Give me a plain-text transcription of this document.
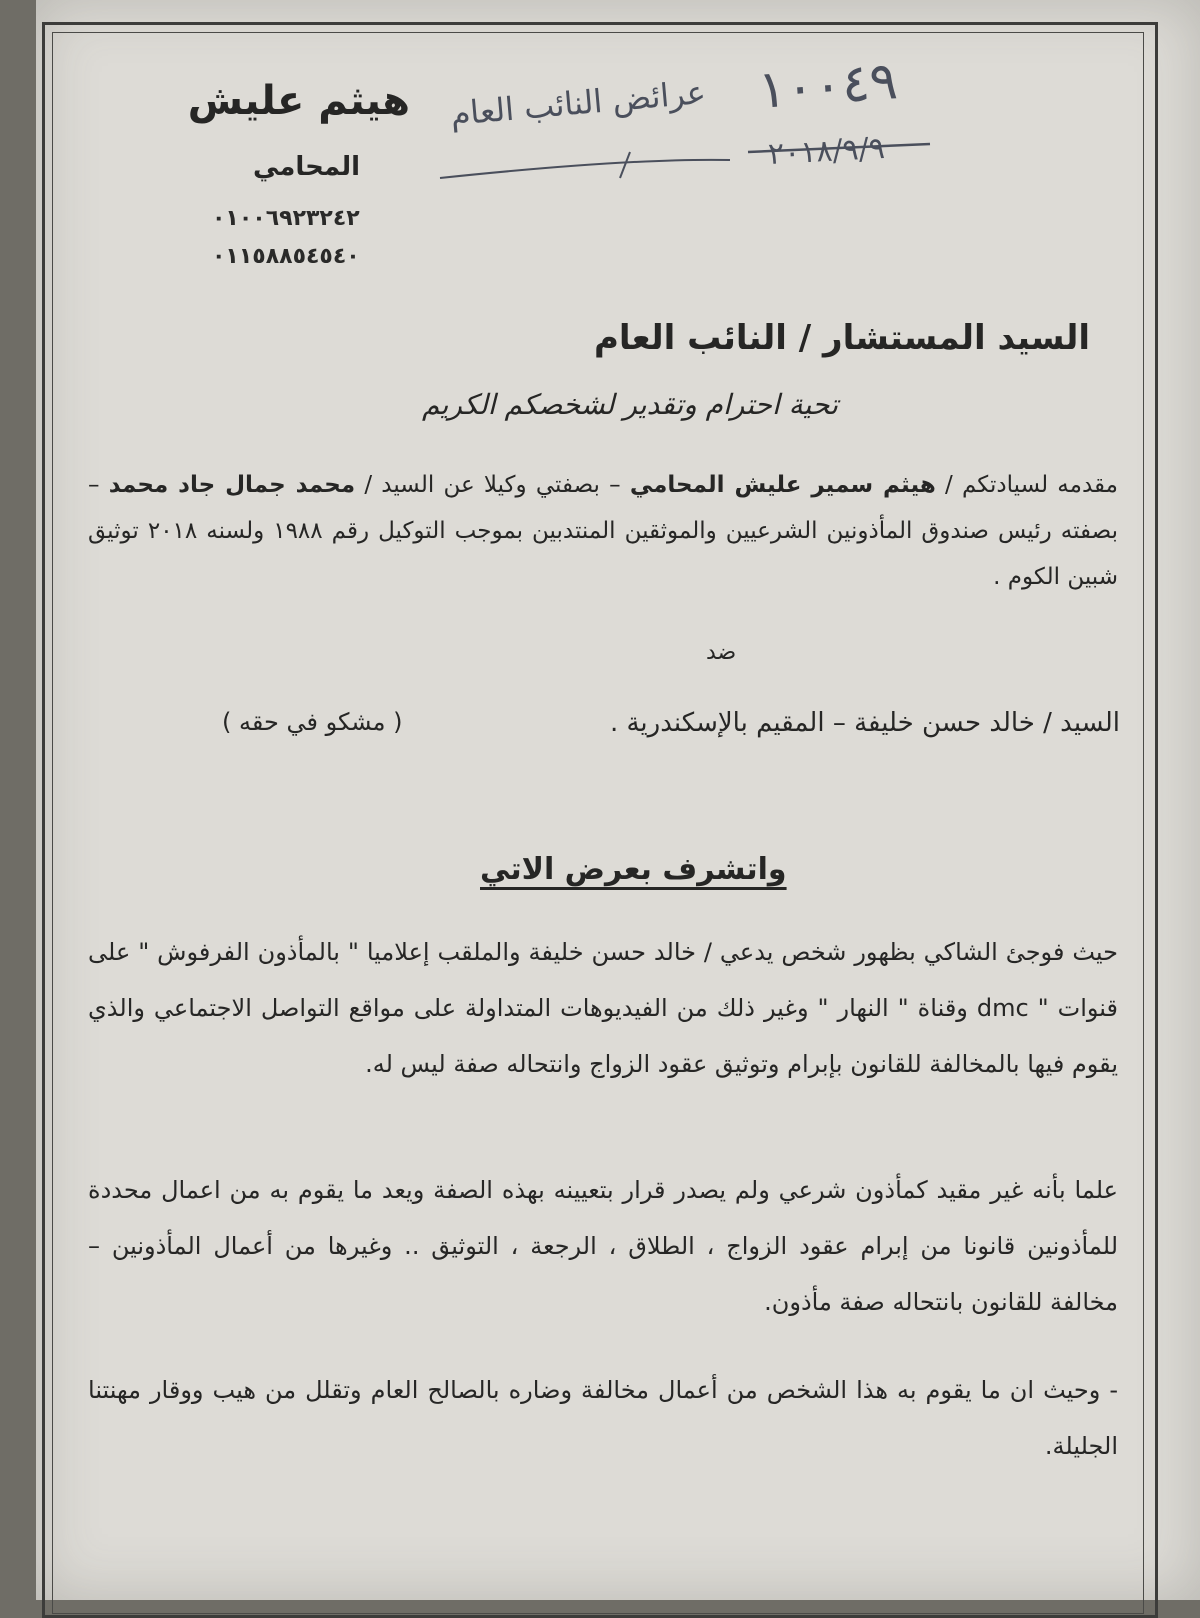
هيثم عليش
المحامي
٠١٠٠٦٩٢٣٢٤٢
٠١١٥٨٨٥٤٥٤٠
١٠٠٤٩
عرائض النائب العام
٢٠١٨/٩/٩
السيد المستشار / النائب العام
تحية احترام وتقدير لشخصكم الكريم
مقدمه لسيادتكم / هيثم سمير عليش المحامي – بصفتي وكيلا عن السيد / محمد جمال جاد محمد – بصفته رئيس صندوق المأذونين الشرعيين والموثقين المنتدبين بموجب التوكيل رقم ١٩٨٨ ولسنه ٢٠١٨ توثيق شبين الكوم .
ضد
السيد / خالد حسن خليفة – المقيم بالإسكندرية .
( مشكو في حقه )
واتشرف بعرض الاتي
حيث فوجئ الشاكي بظهور شخص يدعي / خالد حسن خليفة والملقب إعلاميا " بالمأذون الفرفوش " على قنوات " dmc وقناة " النهار " وغير ذلك من الفيديوهات المتداولة على مواقع التواصل الاجتماعي والذي يقوم فيها بالمخالفة للقانون بإبرام وتوثيق عقود الزواج وانتحاله صفة ليس له.
علما بأنه غير مقيد كمأذون شرعي ولم يصدر قرار بتعيينه بهذه الصفة ويعد ما يقوم به من اعمال محددة للمأذونين قانونا من إبرام عقود الزواج ، الطلاق ، الرجعة ، التوثيق .. وغيرها من أعمال المأذونين – مخالفة للقانون بانتحاله صفة مأذون.
- وحيث ان ما يقوم به هذا الشخص من أعمال مخالفة وضاره بالصالح العام وتقلل من هيب ووقار مهنتنا الجليلة.
